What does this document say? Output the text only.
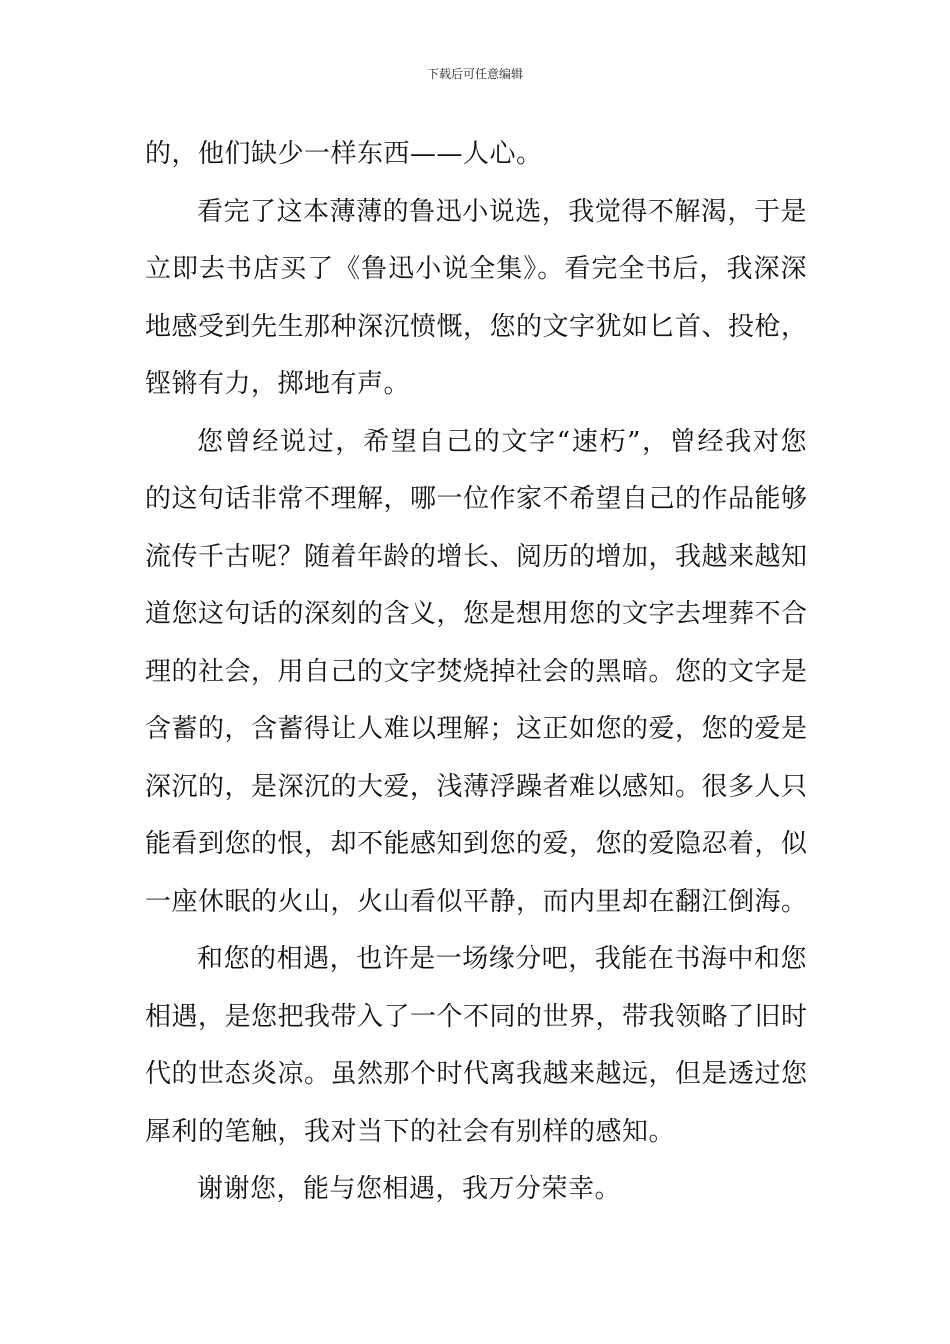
下载后可任意编辑
的，他们缺少一样东西——人心。
看完了这本薄薄的鲁迅小说选，我觉得不解渴，于是
立即去书店买了《鲁迅小说全集》。看完全书后，我深深
地感受到先生那种深沉愤慨，您的文字犹如匕首、投枪，
铿锵有力，掷地有声。
您曾经说过，希望自己的文字“速朽”，曾经我对您
的这句话非常不理解，哪一位作家不希望自己的作品能够
流传千古呢？随着年龄的增长、阅历的增加，我越来越知
道您这句话的深刻的含义，您是想用您的文字去埋葬不合
理的社会，用自己的文字焚烧掉社会的黑暗。您的文字是
含蓄的，含蓄得让人难以理解；这正如您的爱，您的爱是
深沉的，是深沉的大爱，浅薄浮躁者难以感知。很多人只
能看到您的恨，却不能感知到您的爱，您的爱隐忍着，似
一座休眠的火山，火山看似平静，而内里却在翻江倒海。
和您的相遇，也许是一场缘分吧，我能在书海中和您
相遇，是您把我带入了一个不同的世界，带我领略了旧时
代的世态炎凉。虽然那个时代离我越来越远，但是透过您
犀利的笔触，我对当下的社会有别样的感知。
谢谢您，能与您相遇，我万分荣幸。
